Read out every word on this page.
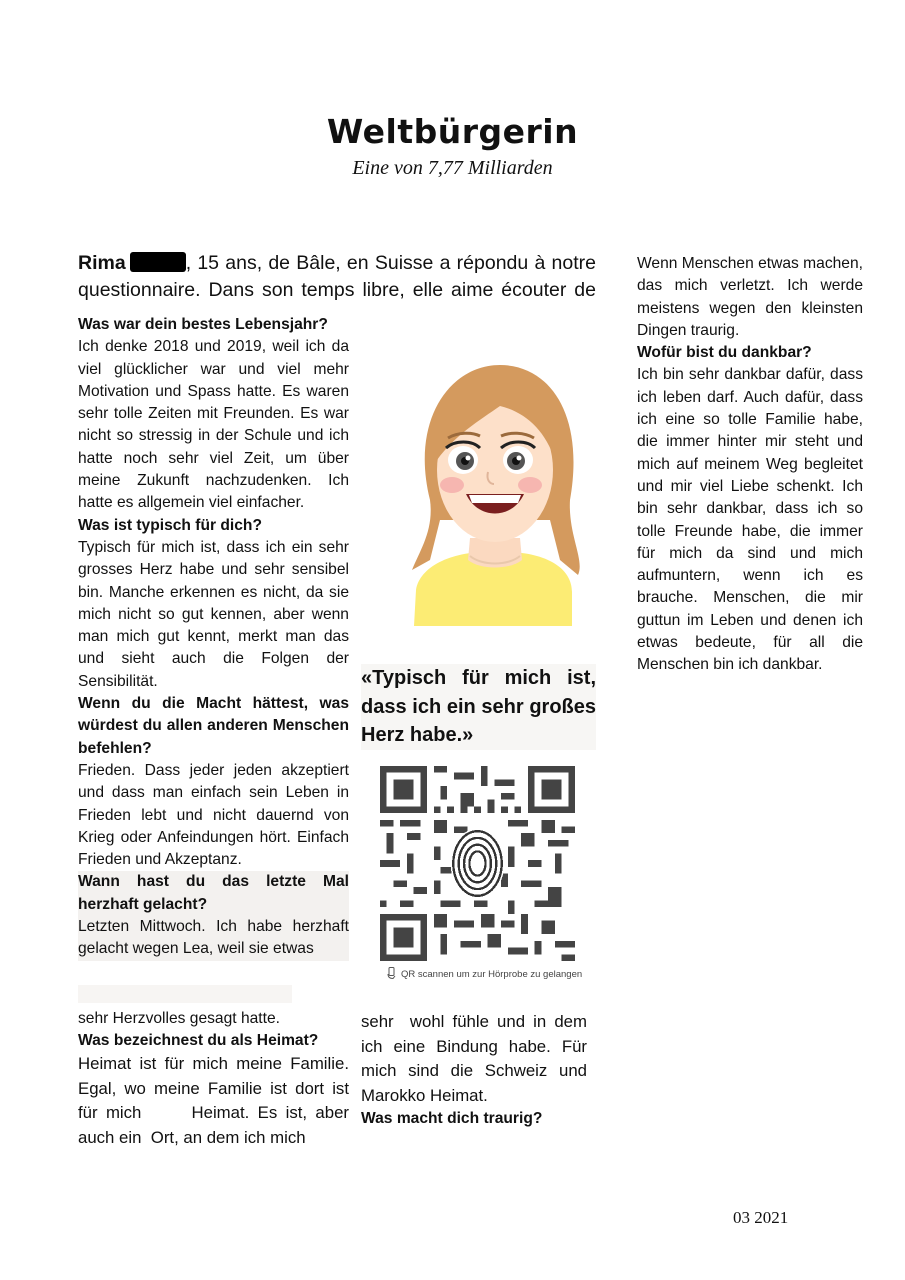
Weltbürgerin
Eine von 7,77 Milliarden
Rima	, 15 ans, de Bâle, en Suisse a répondu à notre questionnaire. Dans son temps libre, elle aime écouter de

Was war dein bestes Lebensjahr?

Ich denke 2018 und 2019, weil ich da viel glücklicher war und viel mehr Motivation und Spass hatte. Es waren sehr tolle Zeiten mit Freunden. Es war nicht so stressig in der Schule und ich hatte noch sehr viel Zeit, um über meine Zukunft nachzudenken. Ich hatte es allgemein viel einfacher.

Was ist typisch für dich?

Typisch für mich ist, dass ich ein sehr grosses Herz habe und sehr sensibel bin. Manche erkennen es nicht, da sie mich nicht so gut kennen, aber wenn man mich gut kennt, merkt man das und sieht auch die Folgen der Sensibilität.

Wenn du die Macht hättest, was würdest du allen anderen Menschen befehlen?

Frieden. Dass jeder jeden akzeptiert und dass man einfach sein Leben in Frieden lebt und nicht dauernd von Krieg oder Anfeindungen hört. Einfach Frieden und Akzeptanz.

Wann hast du das letzte Mal herzhaft gelacht?

Letzten Mittwoch. Ich habe herzhaft gelacht wegen Lea, weil sie etwas

sehr Herzvolles gesagt hatte.

Was bezeichnest du als Heimat?

Heimat ist für mich meine Familie. Egal, wo meine Familie ist dort ist für mich      Heimat. Es ist, aber auch ein  Ort, an dem ich mich

«Typisch für mich ist, dass ich ein sehr großes Herz habe.»
QR scannen um zur Hörprobe zu gelangen

sehr  wohl fühle und in dem ich eine Bindung habe. Für mich sind die Schweiz und Marokko Heimat.

Was macht dich traurig?

Wenn Menschen etwas machen, das mich verletzt. Ich werde meistens wegen den kleinsten Dingen traurig.

Wofür bist du dankbar?

Ich bin sehr dankbar dafür, dass ich leben darf. Auch dafür, dass ich eine so tolle Familie habe, die immer hinter mir steht und mich auf meinem Weg begleitet und mir viel Liebe schenkt. Ich bin sehr dankbar, dass ich so tolle Freunde habe, die immer für mich da sind und mich aufmuntern, wenn ich es brauche. Menschen, die mir guttun im Leben und denen ich etwas bedeute, für all die Menschen bin ich dankbar.

03 2021
